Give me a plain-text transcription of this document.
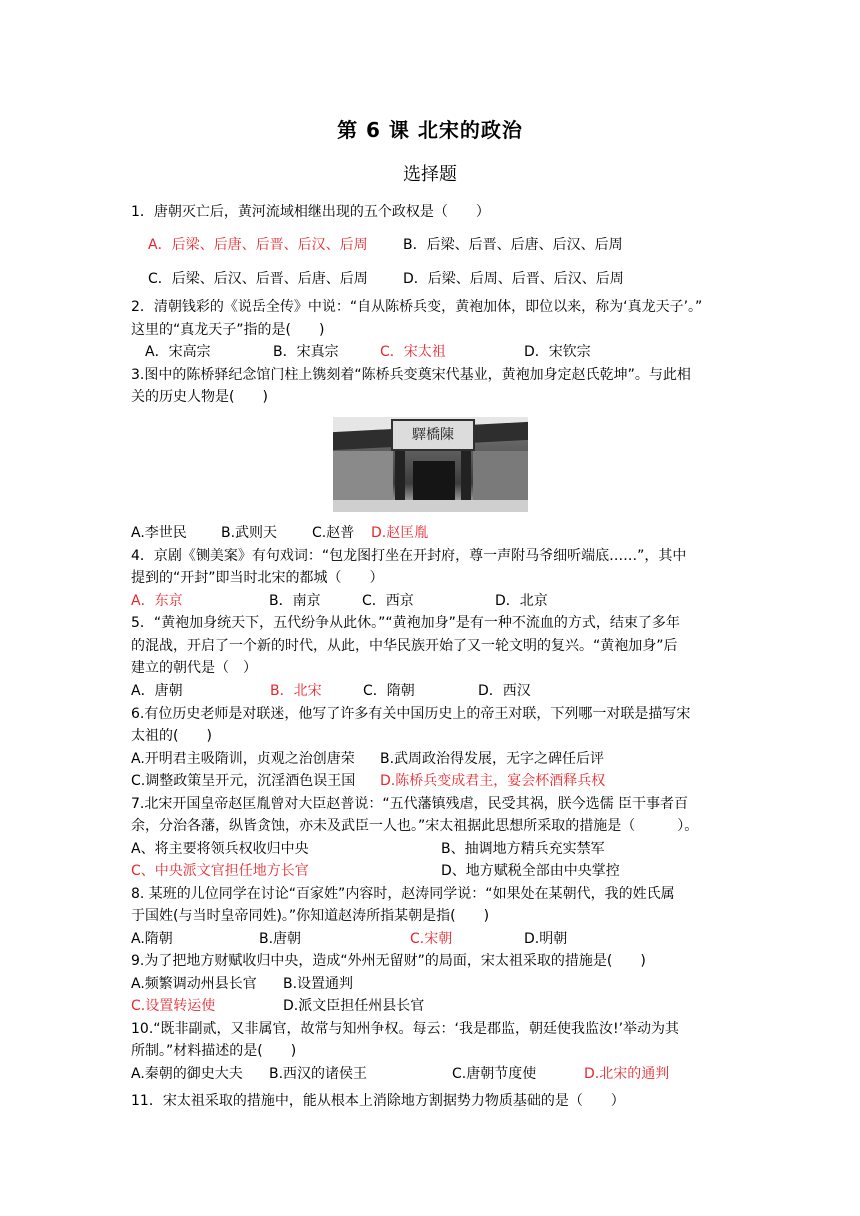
第 6 课 北宋的政治
选择题
1．唐朝灭亡后，黄河流域相继出现的五个政权是（　　）
A．后梁、后唐、后晋、后汉、后周	B．后梁、后晋、后唐、后汉、后周
C．后梁、后汉、后晋、后唐、后周	D．后梁、后周、后晋、后汉、后周
2．清朝钱彩的《说岳全传》中说：“自从陈桥兵变，黄袍加体，即位以来，称为‘真龙天子’。”
这里的“真龙天子”指的是(　　)
A．宋高宗	B．宋真宗	C．宋太祖	D．宋钦宗
3.图中的陈桥驿纪念馆门柱上镌刻着“陈桥兵变奠宋代基业，黄袍加身定赵氏乾坤”。与此相
关的历史人物是(　　)
驛橋陳
A.李世民 B.武则天 C.赵普 D.赵匡胤
4．京剧《铡美案》有句戏词：“包龙图打坐在开封府，尊一声附马爷细听端底……”，其中
提到的“开封”即当时北宋的都城（　　）
A．东京	B．南京	C．西京	D．北京
5．“黄袍加身统天下，五代纷争从此休。”“黄袍加身”是有一种不流血的方式，结束了多年
的混战，开启了一个新的时代，从此，中华民族开始了又一轮文明的复兴。“黄袍加身”后
建立的朝代是（　）
A．唐朝	B．北宋	C．隋朝	D．西汉
6.有位历史老师是对联迷，他写了许多有关中国历史上的帝王对联，下列哪一对联是描写宋
太祖的(　　)
A.开明君主吸隋训，贞观之治创唐荣 B.武周政治得发展，无字之碑任后评
C.调整政策呈开元，沉淫酒色误王国 D.陈桥兵变成君主，宴会杯酒释兵权
7.北宋开国皇帝赵匡胤曾对大臣赵普说：“五代藩镇残虐，民受其祸，朕今选儒 臣干事者百
余，分治各藩，纵皆贪蚀，亦未及武臣一人也。”宋太祖据此思想所采取的措施是（　　　）。
A、将主要将领兵权收归中央	B、抽调地方精兵充实禁军
C、中央派文官担任地方长官	D、地方赋税全部由中央掌控
8. 某班的儿位同学在讨论“百家姓”内容时，赵涛同学说：“如果处在某朝代，我的姓氏属
于国姓(与当时皇帝同姓)。”你知道赵涛所指某朝是指(　　)
A.隋朝	B.唐朝	C.宋朝	D.明朝
9.为了把地方财赋收归中央，造成“外州无留财”的局面，宋太祖采取的措施是(　　)
A.频繁调动州县长官 B.设置通判
C.设置转运使	D.派文臣担任州县长官
10.“既非副贰，又非属官，故常与知州争权。每云：‘我是郡监，朝廷使我监汝!’举动为其
所制。”材料描述的是(　　)
A.秦朝的御史大夫 B.西汉的诸侯王	C.唐朝节度使	D.北宋的通判
11．宋太祖采取的措施中，能从根本上消除地方割据势力物质基础的是（　　）
